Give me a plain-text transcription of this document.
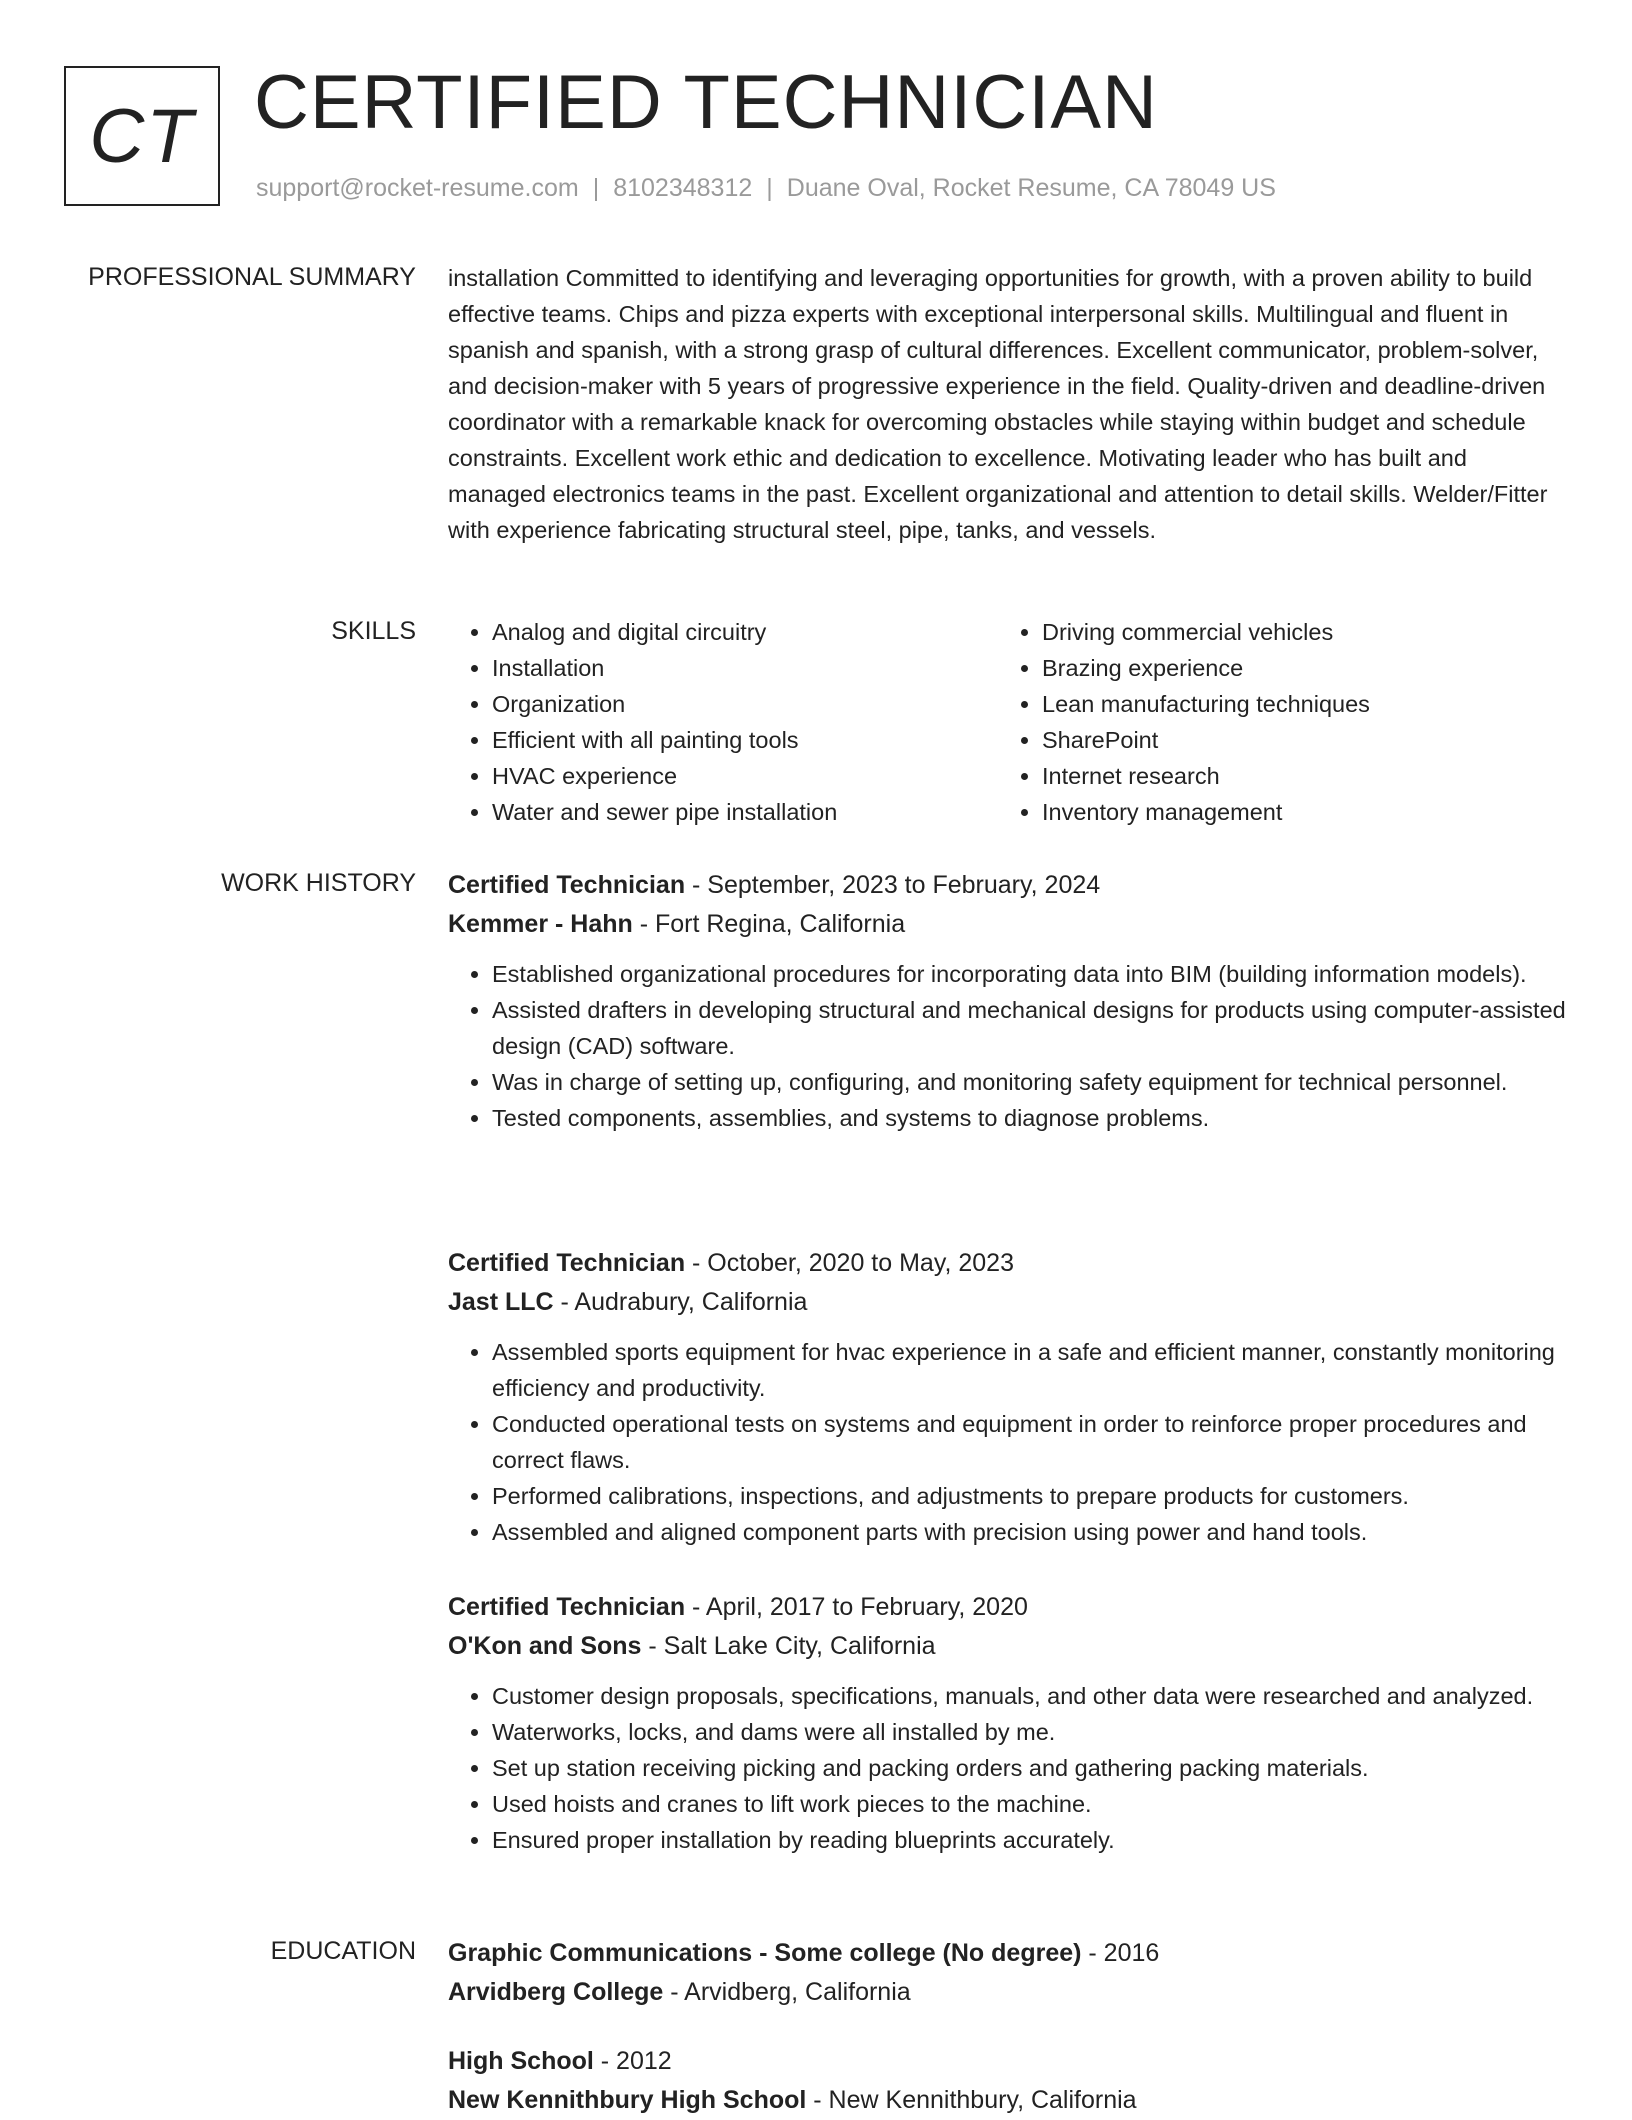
CT CERTIFIED TECHNICIAN
support@rocket-resume.com | 8102348312 | Duane Oval, Rocket Resume, CA 78049 US
PROFESSIONAL SUMMARY installation Committed to identifying and leveraging opportunities for growth, with a proven ability to build effective teams. Chips and pizza experts with exceptional interpersonal skills. Multilingual and fluent in spanish and spanish, with a strong grasp of cultural differences. Excellent communicator, problem-solver, and decision-maker with 5 years of progressive experience in the field. Quality-driven and deadline-driven coordinator with a remarkable knack for overcoming obstacles while staying within budget and schedule constraints. Excellent work ethic and dedication to excellence. Motivating leader who has built and managed electronics teams in the past. Excellent organizational and attention to detail skills. Welder/Fitter with experience fabricating structural steel, pipe, tanks, and vessels.

SKILLS
•	Analog and digital circuitry
• Installation
• Organization
• Efficient with all painting tools
• HVAC experience
• Water and sewer pipe installation
• Driving commercial vehicles
• Brazing experience
• Lean manufacturing techniques
• SharePoint
• Internet research
• Inventory management
WORK HISTORY Certified Technician - September, 2023 to February, 2024
Kemmer - Hahn - Fort Regina, California
• Established organizational procedures for incorporating data into BIM (building information models).
• Assisted drafters in developing structural and mechanical designs for products using computer-assisted design (CAD) software.
• Was in charge of setting up, configuring, and monitoring safety equipment for technical personnel.
• Tested components, assemblies, and systems to diagnose problems.
Certified Technician - October, 2020 to May, 2023
Jast LLC - Audrabury, California
• Assembled sports equipment for hvac experience in a safe and efficient manner, constantly monitoring efficiency and productivity.
• Conducted operational tests on systems and equipment in order to reinforce proper procedures and correct flaws.
• Performed calibrations, inspections, and adjustments to prepare products for customers.
• Assembled and aligned component parts with precision using power and hand tools.
Certified Technician - April, 2017 to February, 2020
O'Kon and Sons - Salt Lake City, California
• Customer design proposals, specifications, manuals, and other data were researched and analyzed.
• Waterworks, locks, and dams were all installed by me.
• Set up station receiving picking and packing orders and gathering packing materials.
• Used hoists and cranes to lift work pieces to the machine.
• Ensured proper installation by reading blueprints accurately.
EDUCATION Graphic Communications - Some college (No degree) - 2016
Arvidberg College - Arvidberg, California
High School - 2012
New Kennithbury High School - New Kennithbury, California
